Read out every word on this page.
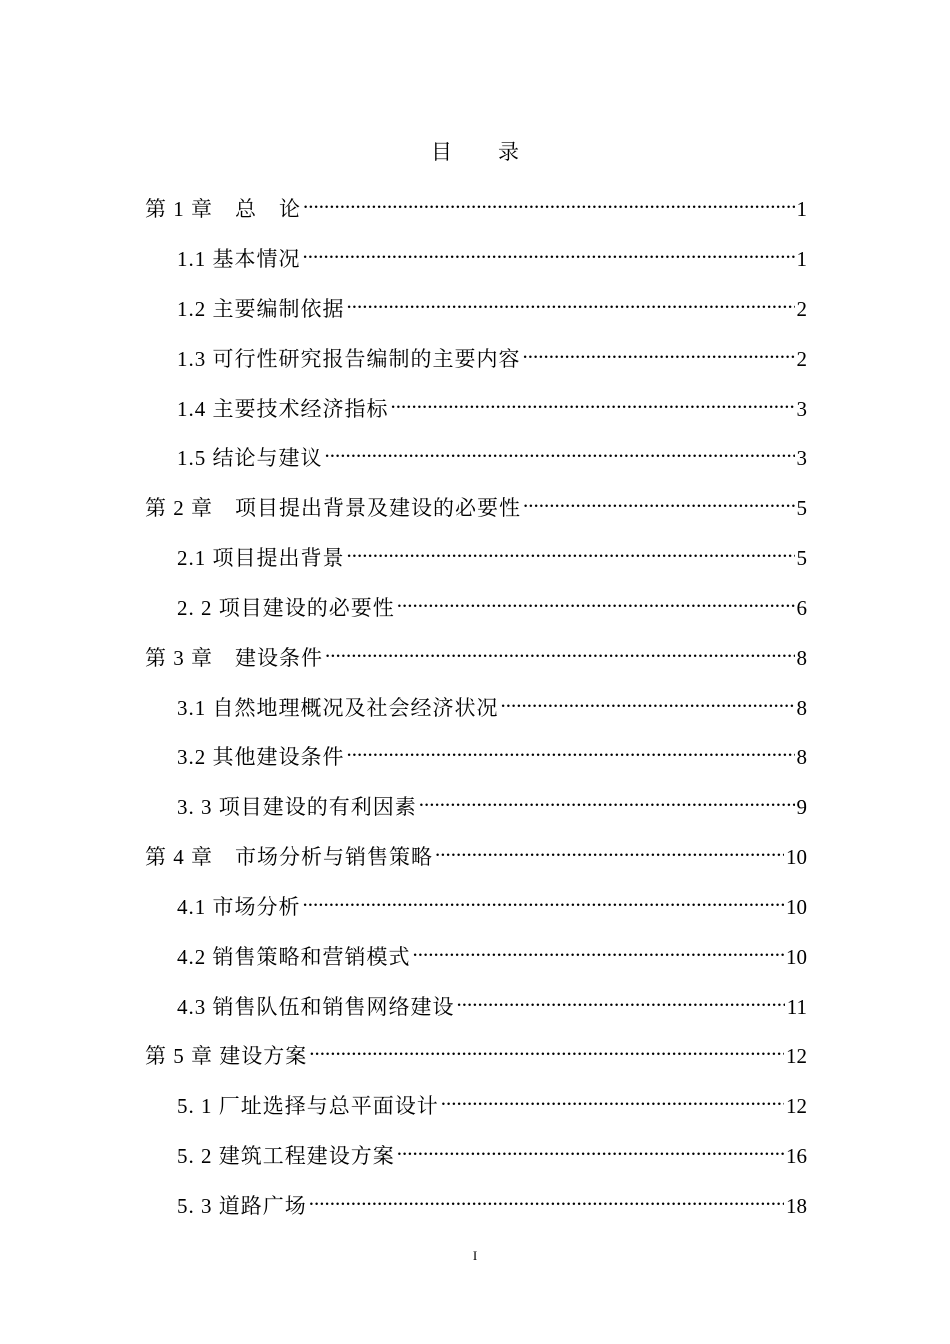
目录
第 1 章　总　论 .....	1
1.1 基本情况 .....	1
1.2 主要编制依据 .....	2
1.3 可行性研究报告编制的主要内容 .....	2
1.4 主要技术经济指标 .....	3
1.5 结论与建议 .....	3
第 2 章　项目提出背景及建设的必要性 .....	5
2.1 项目提出背景 .....	5
2. 2 项目建设的必要性 .....	6
第 3 章　建设条件 .....	8
3.1 自然地理概况及社会经济状况 .....	8
3.2 其他建设条件 .....	8
3. 3 项目建设的有利因素 .....	9
第 4 章　市场分析与销售策略 .....	10
4.1 市场分析 .....	10
4.2 销售策略和营销模式 .....	10
4.3 销售队伍和销售网络建设 .....	11
第 5 章 建设方案 .....	12
5. 1 厂址选择与总平面设计 .....	12
5. 2 建筑工程建设方案 .....	16
5. 3 道路广场 .....	18
I
